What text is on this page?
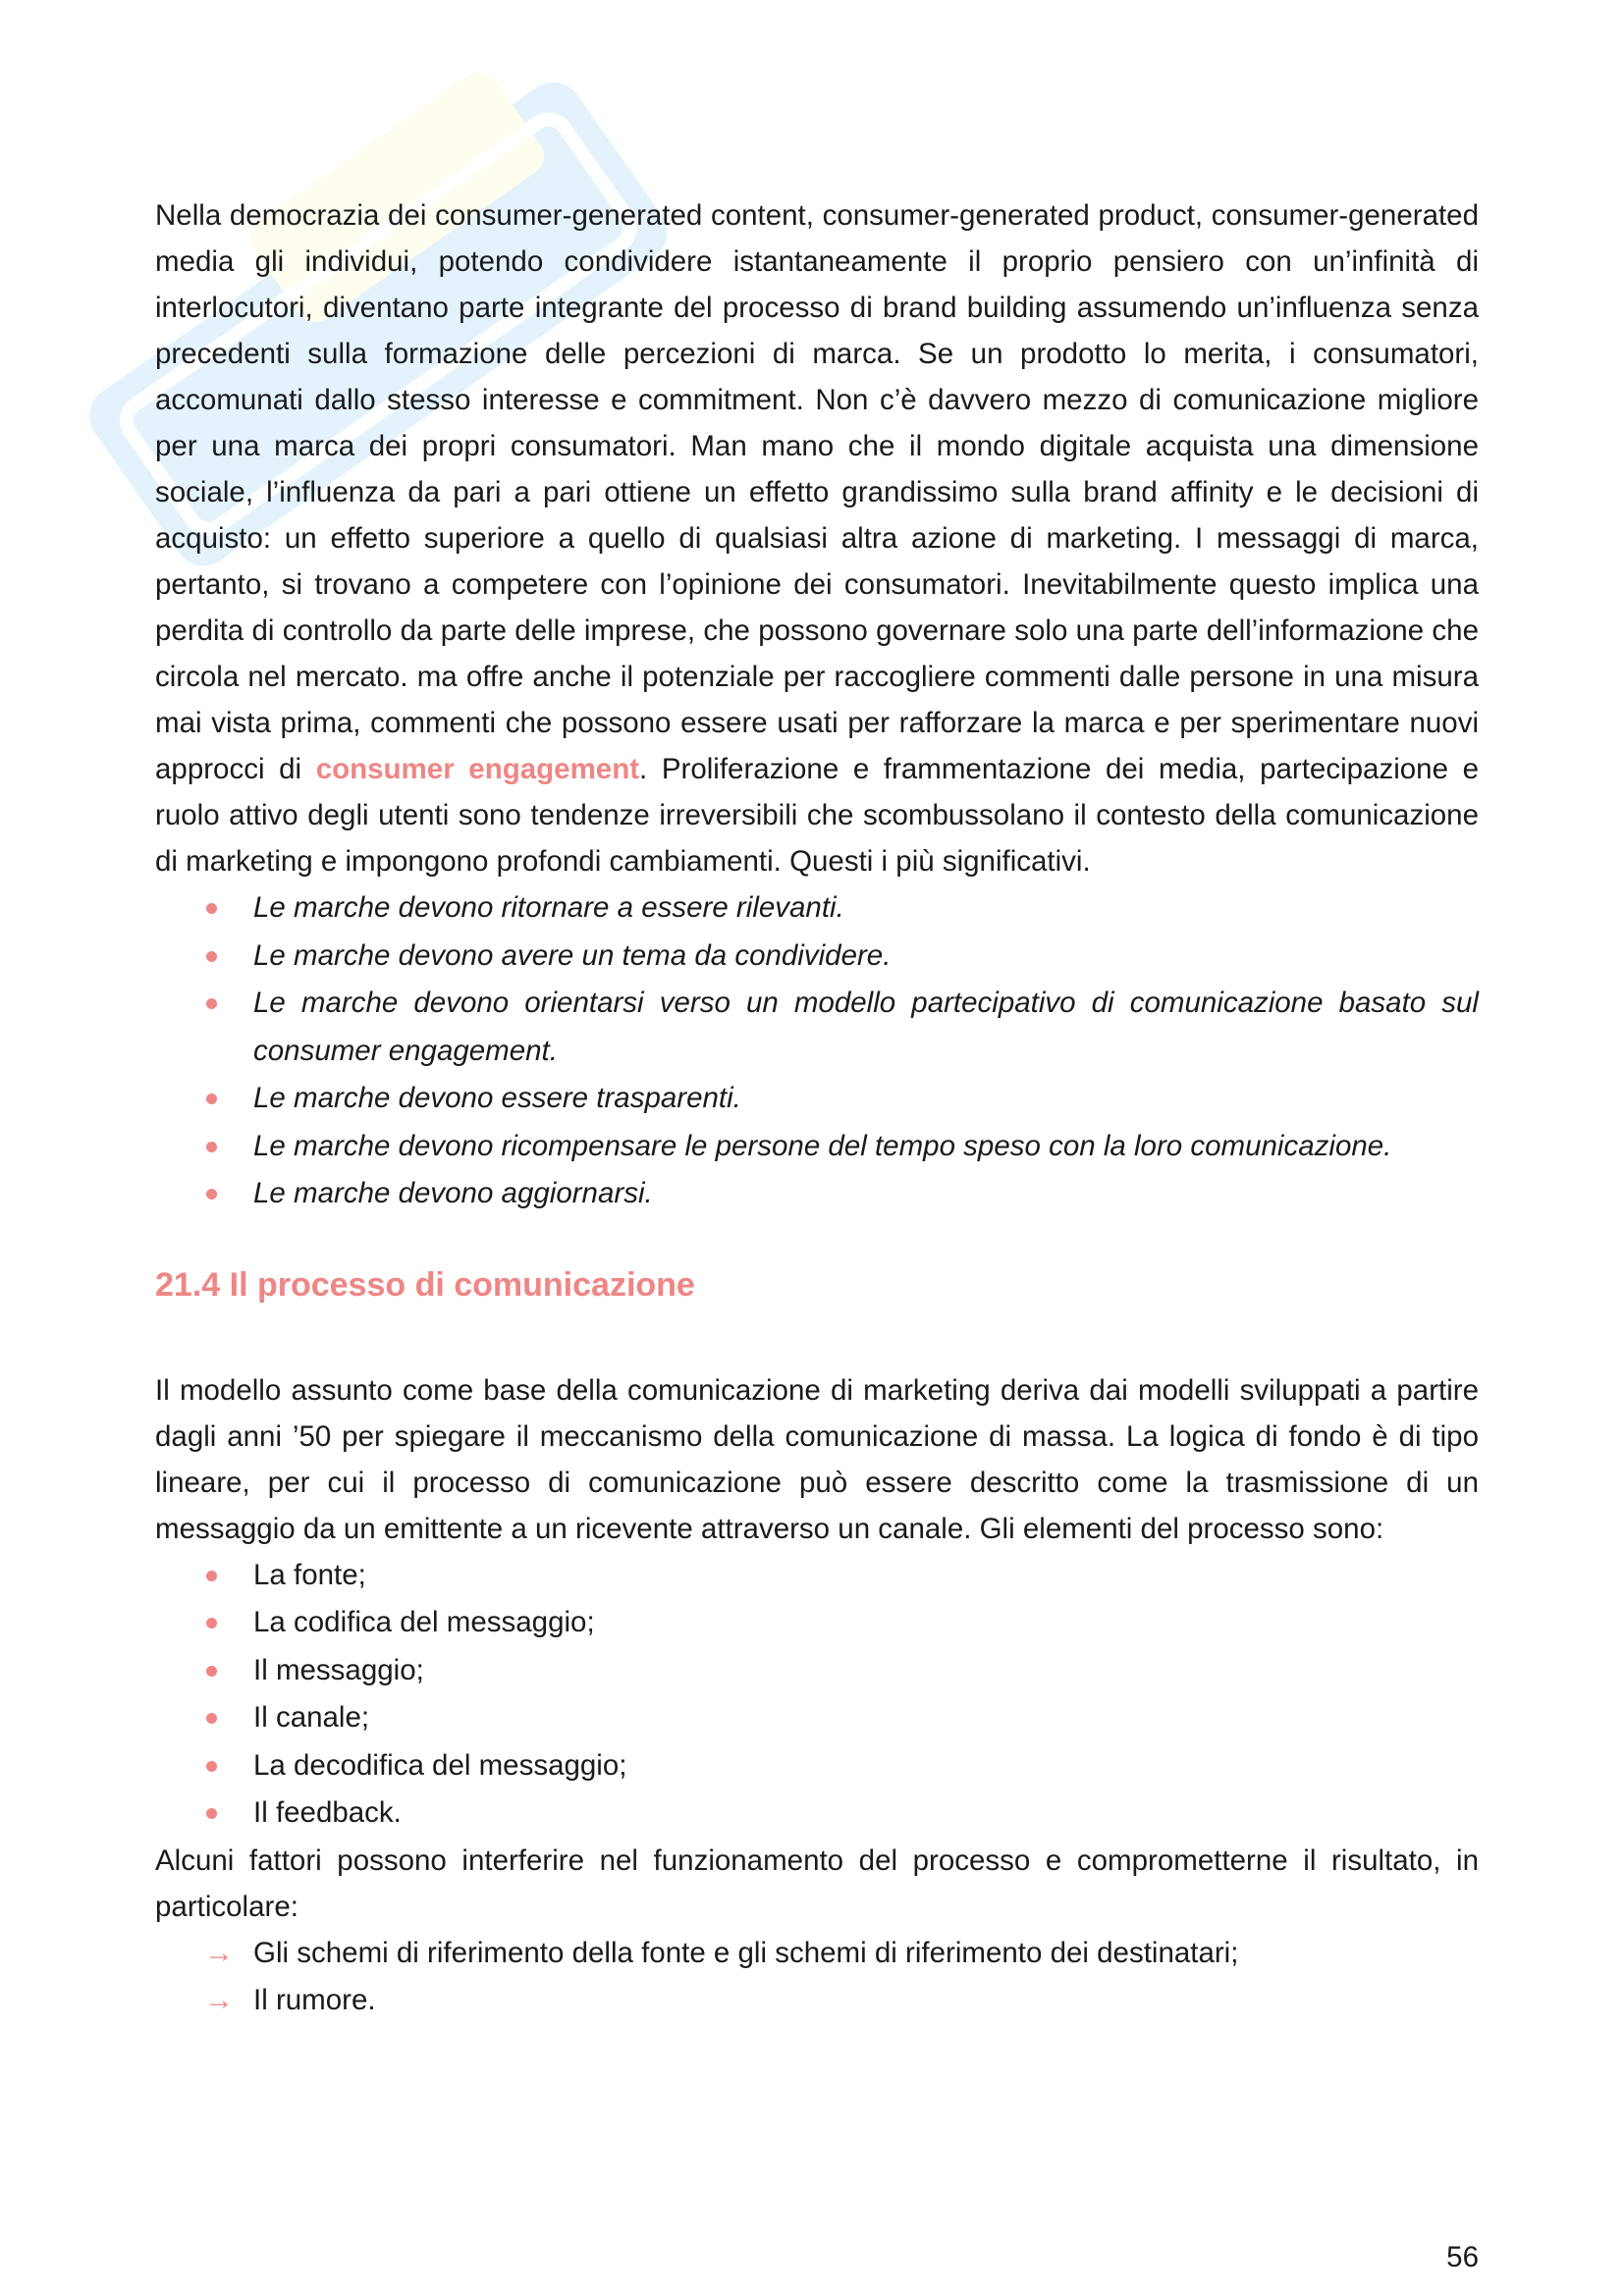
Nella democrazia dei consumer-generated content, consumer-generated product, consumer-generated media gli individui, potendo condividere istantaneamente il proprio pensiero con un’infinità di interlocutori, diventano parte integrante del processo di brand building assumendo un’influenza senza precedenti sulla formazione delle percezioni di marca. Se un prodotto lo merita, i consumatori, accomunati dallo stesso interesse e commitment. Non c’è davvero mezzo di comunicazione migliore per una marca dei propri consumatori. Man mano che il mondo digitale acquista una dimensione sociale, l’influenza da pari a pari ottiene un effetto grandissimo sulla brand affinity e le decisioni di acquisto: un effetto superiore a quello di qualsiasi altra azione di marketing. I messaggi di marca, pertanto, si trovano a competere con l’opinione dei consumatori. Inevitabilmente questo implica una perdita di controllo da parte delle imprese, che possono governare solo una parte dell’informazione che circola nel mercato. ma offre anche il potenziale per raccogliere commenti dalle persone in una misura mai vista prima, commenti che possono essere usati per rafforzare la marca e per sperimentare nuovi approcci di consumer engagement. Proliferazione e frammentazione dei media, partecipazione e ruolo attivo degli utenti sono tendenze irreversibili che scombussolano il contesto della comunicazione di marketing e impongono profondi cambiamenti. Questi i più significativi.

Le marche devono ritornare a essere rilevanti.
Le marche devono avere un tema da condividere.
Le marche devono orientarsi verso un modello partecipativo di comunicazione basato sul consumer engagement.
Le marche devono essere trasparenti.
Le marche devono ricompensare le persone del tempo speso con la loro comunicazione.
Le marche devono aggiornarsi.
21.4 Il processo di comunicazione

Il modello assunto come base della comunicazione di marketing deriva dai modelli sviluppati a partire dagli anni ’50 per spiegare il meccanismo della comunicazione di massa. La logica di fondo è di tipo lineare, per cui il processo di comunicazione può essere descritto come la trasmissione di un messaggio da un emittente a un ricevente attraverso un canale. Gli elementi del processo sono:

La fonte;
La codifica del messaggio;
Il messaggio;
Il canale;
La decodifica del messaggio;
Il feedback.

Alcuni fattori possono interferire nel funzionamento del processo e comprometterne il risultato, in particolare:

→ Gli schemi di riferimento della fonte e gli schemi di riferimento dei destinatari;
→ Il rumore.
56
